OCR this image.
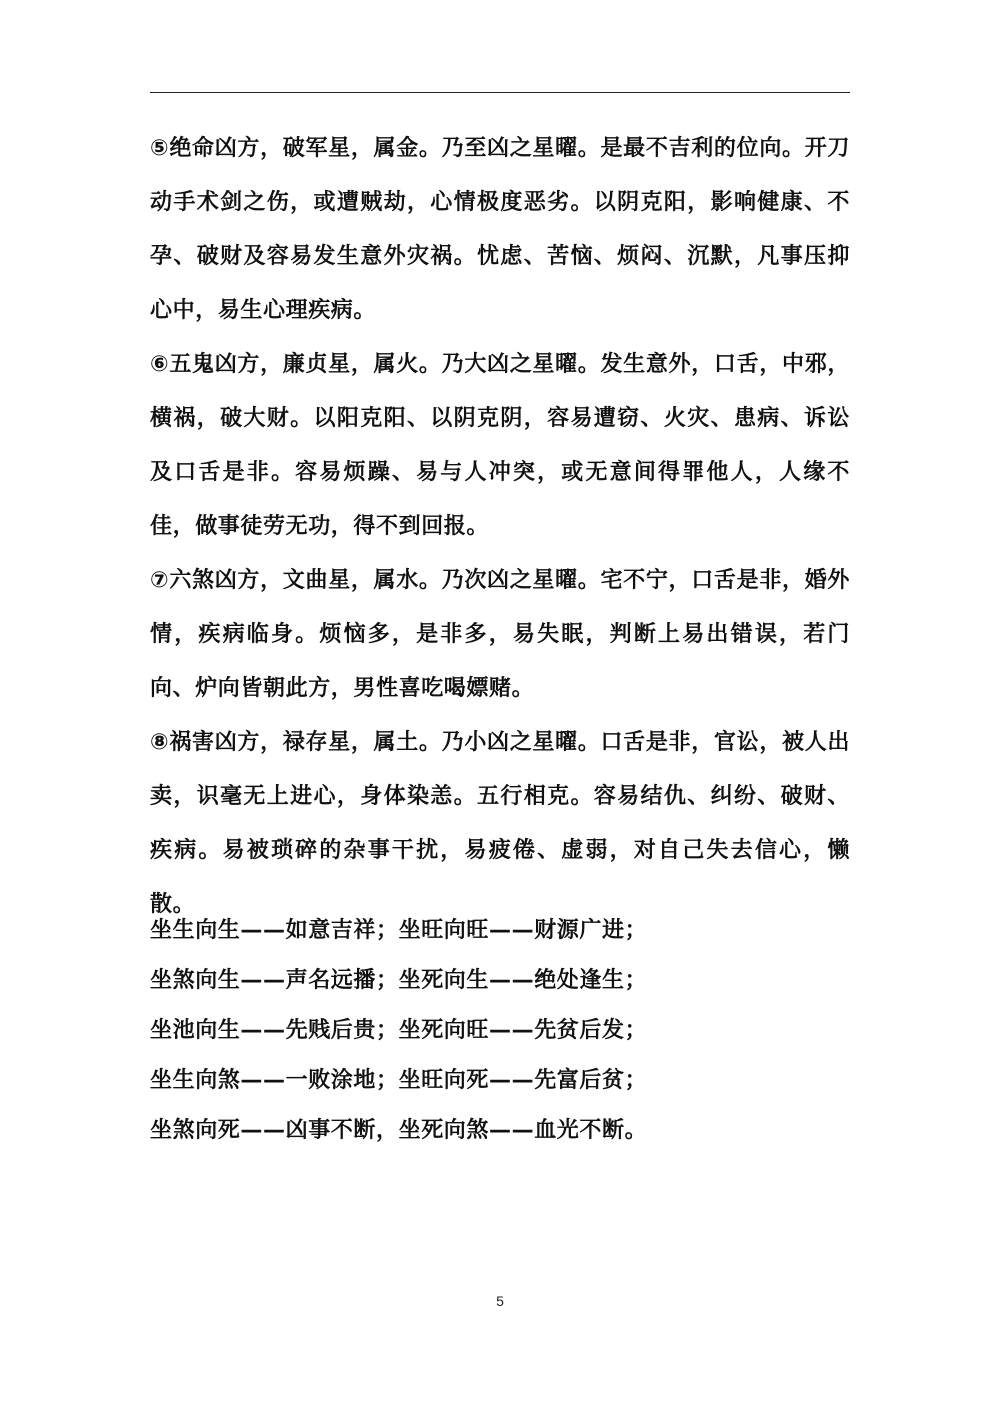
⑤绝命凶方，破军星，属金。乃至凶之星曜。是最不吉利的位向。开刀动手术剑之伤，或遭贼劫，心情极度恶劣。以阴克阳，影响健康、不孕、破财及容易发生意外灾祸。忧虑、苦恼、烦闷、沉默，凡事压抑心中，易生心理疾病。

⑥五鬼凶方，廉贞星，属火。乃大凶之星曜。发生意外，口舌，中邪，横祸，破大财。以阳克阳、以阴克阴，容易遭窃、火灾、患病、诉讼及口舌是非。容易烦躁、易与人冲突，或无意间得罪他人，人缘不佳，做事徒劳无功，得不到回报。

⑦六煞凶方，文曲星，属水。乃次凶之星曜。宅不宁，口舌是非，婚外情，疾病临身。烦恼多，是非多，易失眠，判断上易出错误，若门向、炉向皆朝此方，男性喜吃喝嫖赌。

⑧祸害凶方，禄存星，属土。乃小凶之星曜。口舌是非，官讼，被人出卖，识毫无上进心，身体染恙。五行相克。容易结仇、纠纷、破财、疾病。易被琐碎的杂事干扰，易疲倦、虚弱，对自己失去信心，懒散。

坐生向生——如意吉祥；坐旺向旺——财源广进；

坐煞向生——声名远播；坐死向生——绝处逢生；

坐池向生——先贱后贵；坐死向旺——先贫后发；

坐生向煞——一败涂地；坐旺向死——先富后贫；

坐煞向死——凶事不断，坐死向煞——血光不断。

5
